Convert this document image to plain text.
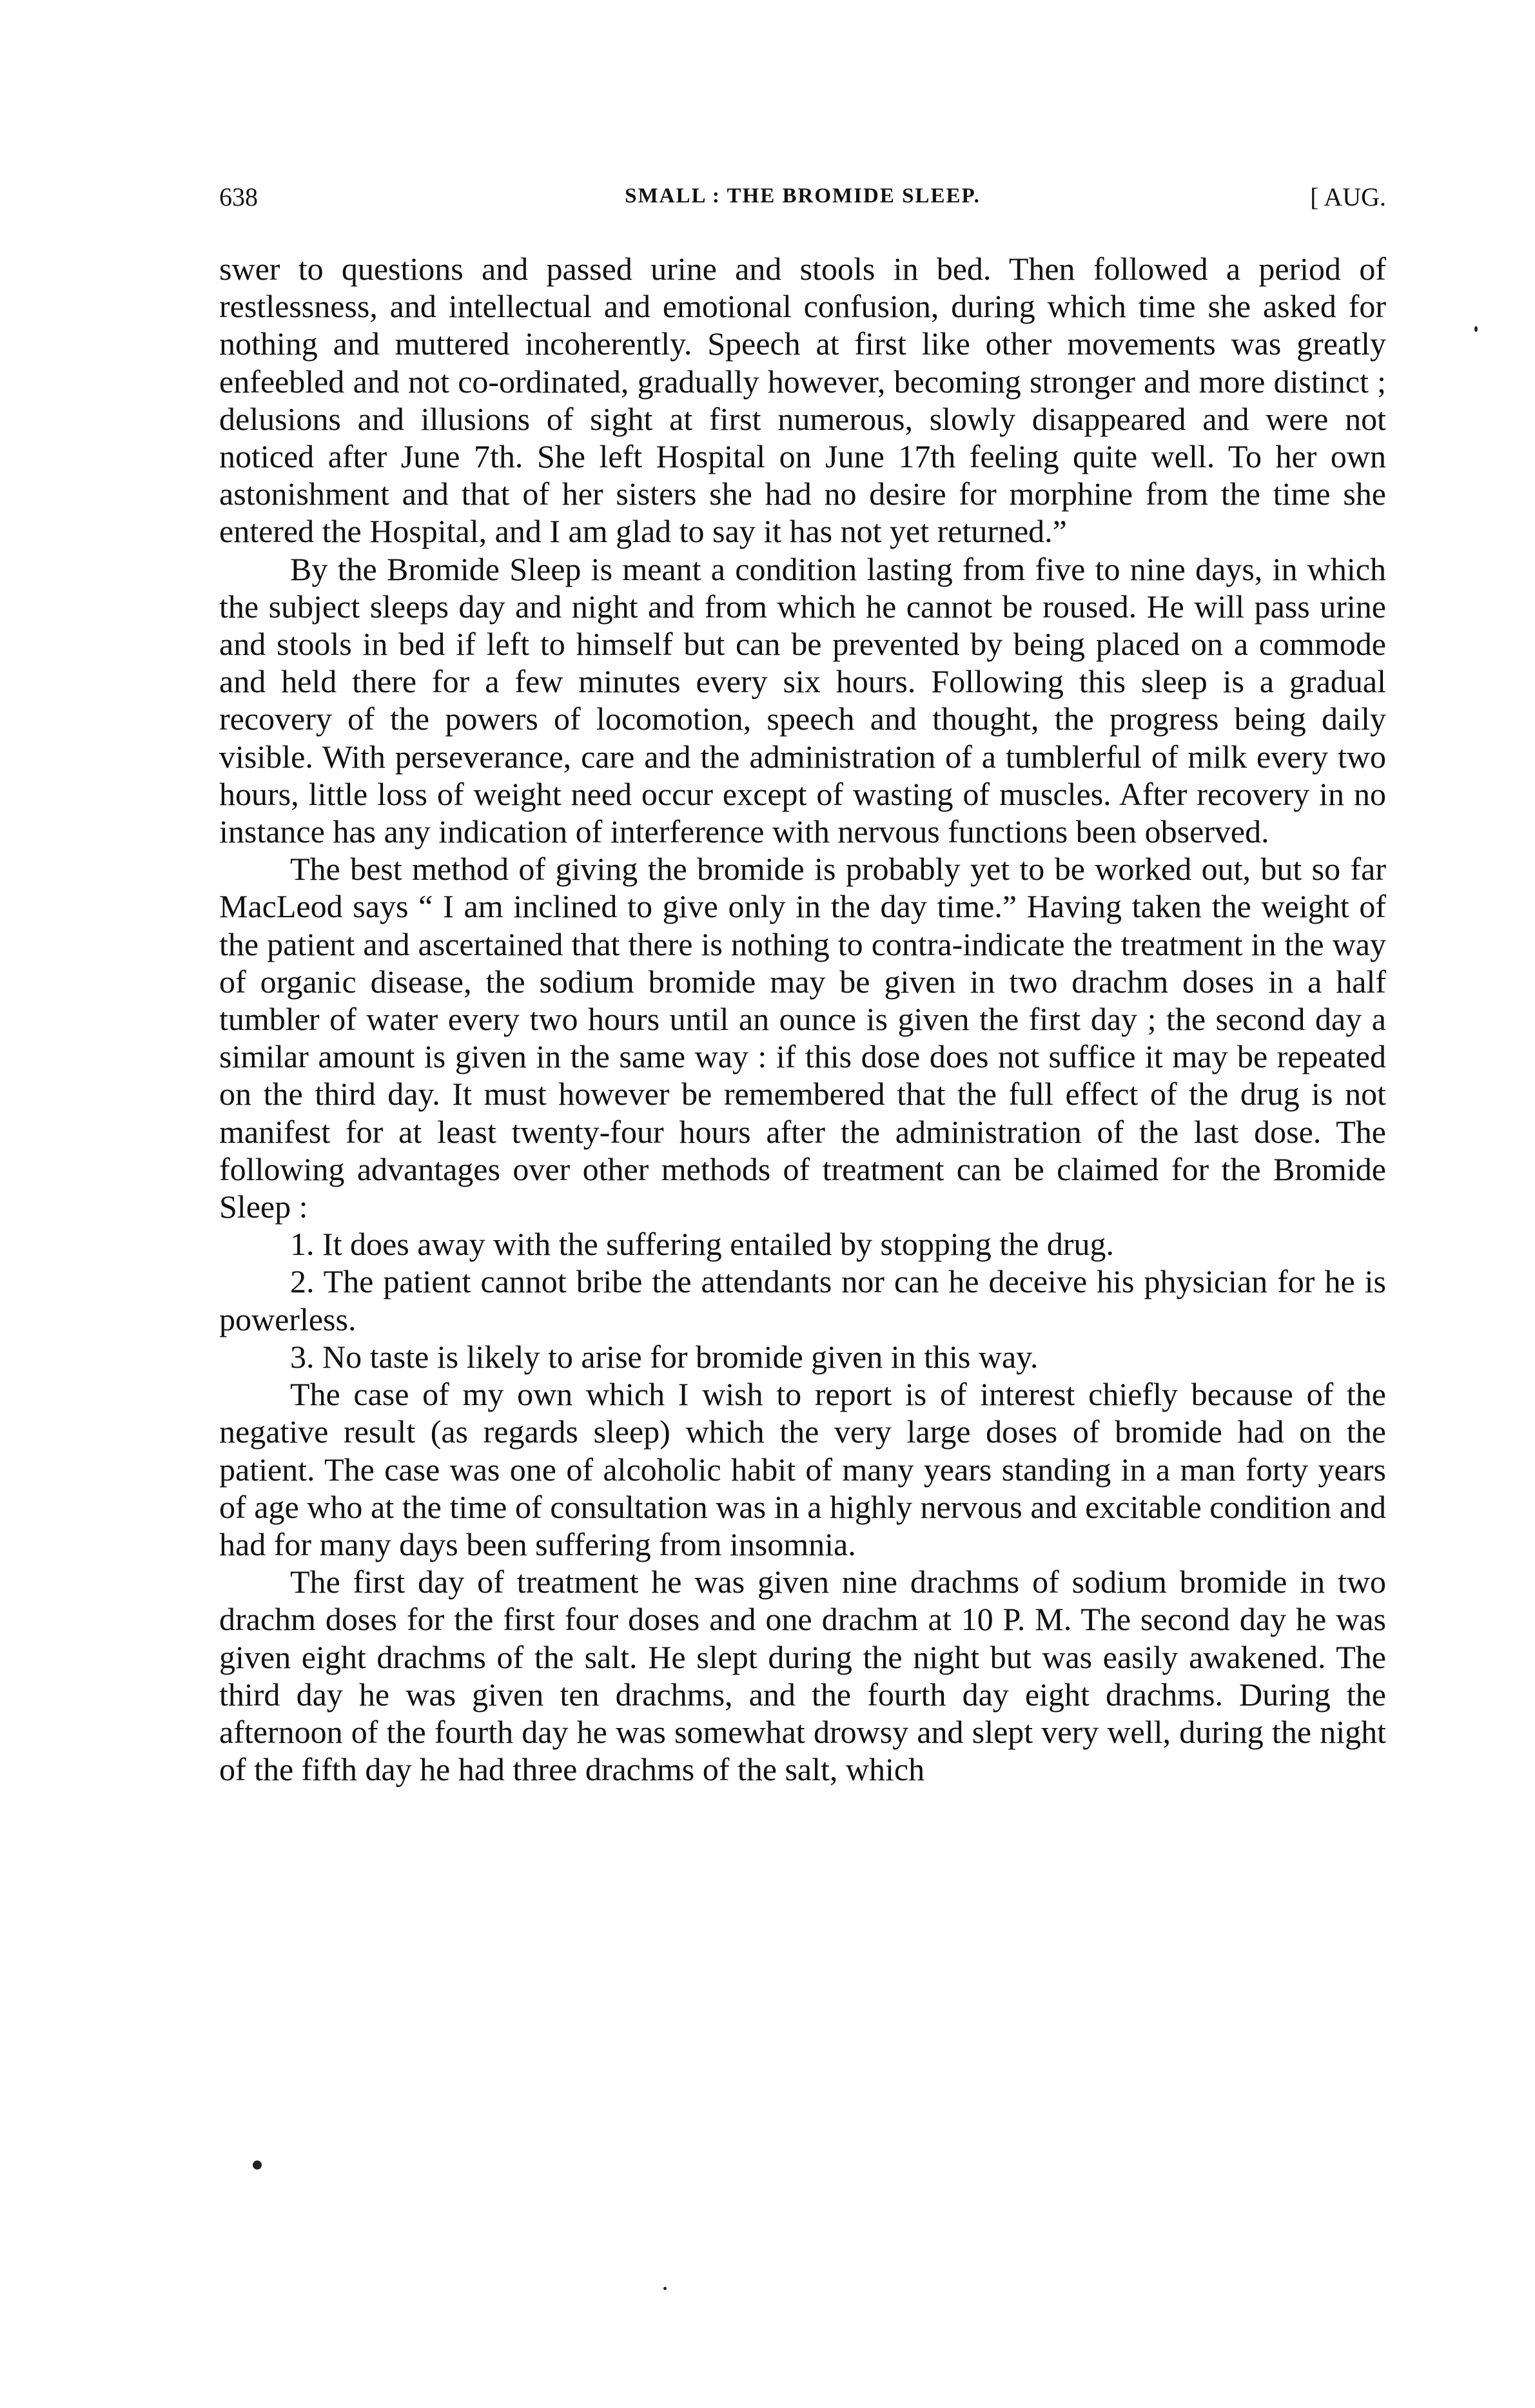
638	SMALL : THE BROMIDE SLEEP.	[ AUG.

swer to questions and passed urine and stools in bed. Then followed a period of restlessness, and intellectual and emotional confusion, during which time she asked for nothing and muttered incoherently. Speech at first like other movements was greatly enfeebled and not co-ordinated, gradually however, becoming stronger and more distinct ; delusions and illusions of sight at first numerous, slowly disappeared and were not noticed after June 7th. She left Hospital on June 17th feeling quite well. To her own astonishment and that of her sisters she had no desire for morphine from the time she entered the Hospital, and I am glad to say it has not yet returned.”

By the Bromide Sleep is meant a condition lasting from five to nine days, in which the subject sleeps day and night and from which he cannot be roused. He will pass urine and stools in bed if left to himself but can be prevented by being placed on a commode and held there for a few minutes every six hours. Following this sleep is a gradual recovery of the powers of locomotion, speech and thought, the progress being daily visible. With perseverance, care and the administration of a tumblerful of milk every two hours, little loss of weight need occur except of wasting of muscles. After recovery in no instance has any indication of interference with nervous functions been observed.

The best method of giving the bromide is probably yet to be worked out, but so far MacLeod says “ I am inclined to give only in the day time.” Having taken the weight of the patient and ascertained that there is nothing to contra-indicate the treatment in the way of organic disease, the sodium bromide may be given in two drachm doses in a half tumbler of water every two hours until an ounce is given the first day ; the second day a similar amount is given in the same way : if this dose does not suffice it may be repeated on the third day. It must however be remembered that the full effect of the drug is not manifest for at least twenty-four hours after the administration of the last dose. The following advantages over other methods of treatment can be claimed for the Bromide Sleep :

1. It does away with the suffering entailed by stopping the drug.

2. The patient cannot bribe the attendants nor can he deceive his physician for he is powerless.

3. No taste is likely to arise for bromide given in this way.

The case of my own which I wish to report is of interest chiefly because of the negative result (as regards sleep) which the very large doses of bromide had on the patient. The case was one of alcoholic habit of many years standing in a man forty years of age who at the time of consultation was in a highly nervous and excitable condition and had for many days been suffering from insomnia.

The first day of treatment he was given nine drachms of sodium bromide in two drachm doses for the first four doses and one drachm at 10 P. M. The second day he was given eight drachms of the salt. He slept during the night but was easily awakened. The third day he was given ten drachms, and the fourth day eight drachms. During the afternoon of the fourth day he was somewhat drowsy and slept very well, during the night of the fifth day he had three drachms of the salt, which
